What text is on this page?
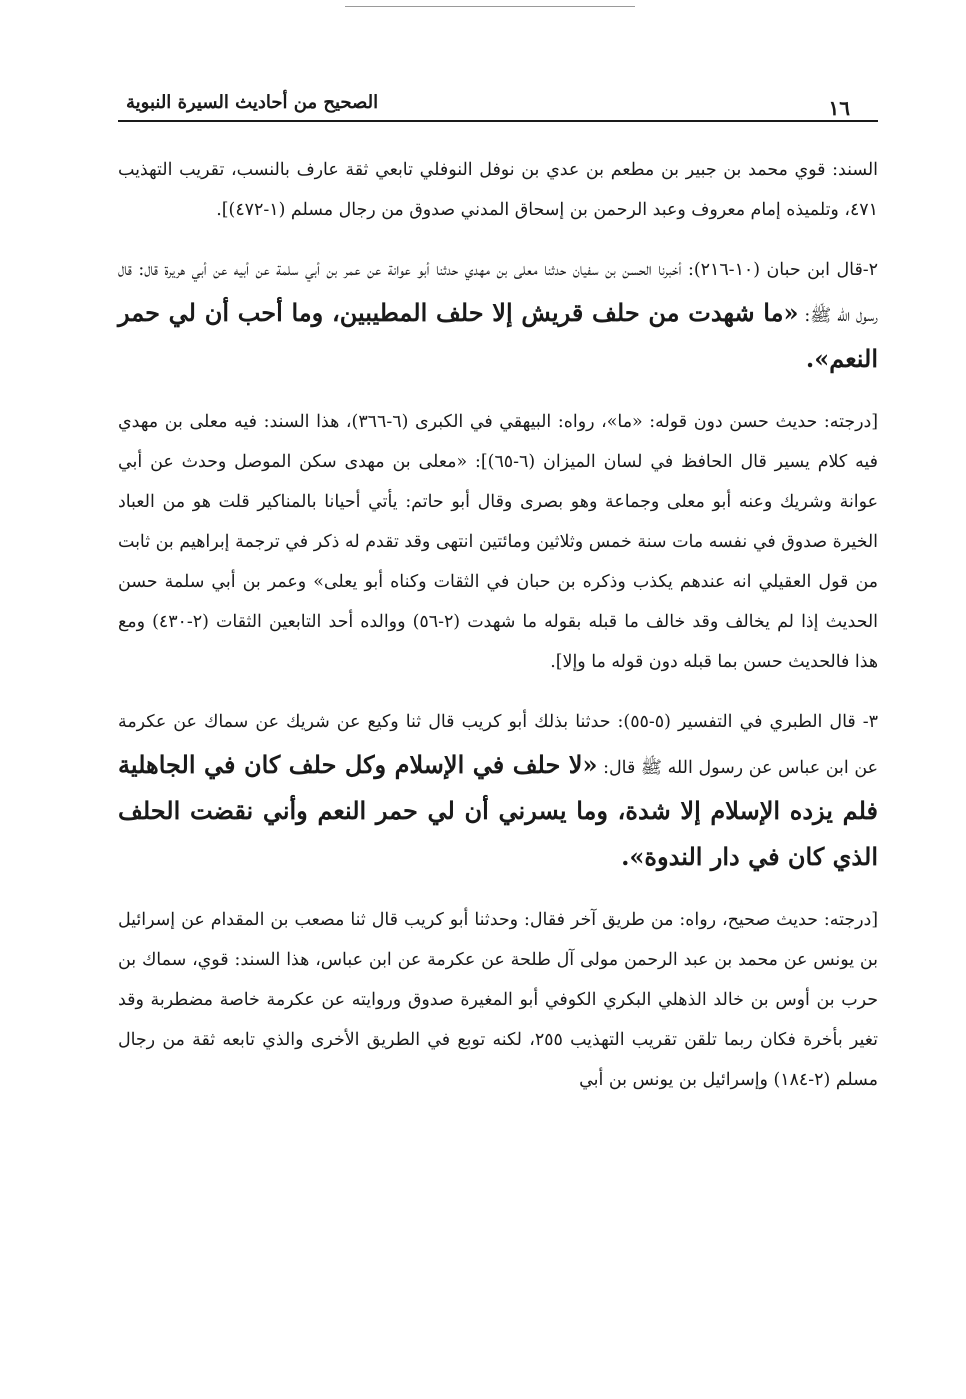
١٦
الصحيح من أحاديث السيرة النبوية

السند: قوي محمد بن جبير بن مطعم بن عدي بن نوفل النوفلي تابعي ثقة عارف بالنسب، تقريب التهذيب ٤٧١، وتلميذه إمام معروف وعبد الرحمن بن إسحاق المدني صدوق من رجال مسلم (١-٤٧٢)].

٢-قال ابن حبان (١٠-٢١٦): أخبرنا الحسن بن سفيان حدثنا معلى بن مهدي حدثنا أبو عوانة عن عمر بن أبي سلمة عن أبيه عن أبي هريرة قال: قال رسول الله ﷺ: «ما شهدت من حلف قريش إلا حلف المطيبين، وما أحب أن لي حمر النعم».

[درجته: حديث حسن دون قوله: «ما»، رواه: البيهقي في الكبرى (٦-٣٦٦)، هذا السند: فيه معلى بن مهدي فيه كلام يسير قال الحافظ في لسان الميزان (٦-٦٥)]: «معلى بن مهدى سكن الموصل وحدث عن أبي عوانة وشريك وعنه أبو معلى وجماعة وهو بصرى وقال أبو حاتم: يأتي أحيانا بالمناكير قلت هو من العباد الخيرة صدوق في نفسه مات سنة خمس وثلاثين ومائتين انتهى وقد تقدم له ذكر في ترجمة إبراهيم بن ثابت من قول العقيلي انه عندهم يكذب وذكره بن حبان في الثقات وكناه أبو يعلى» وعمر بن أبي سلمة حسن الحديث إذا لم يخالف وقد خالف ما قبله بقوله ما شهدت (٢-٥٦) ووالده أحد التابعين الثقات (٢-٤٣٠) ومع هذا فالحديث حسن بما قبله دون قوله ما وإلا].

٣- قال الطبري في التفسير (٥-٥٥): حدثنا بذلك أبو كريب قال ثنا وكيع عن شريك عن سماك عن عكرمة عن ابن عباس عن رسول الله ﷺ قال: «لا حلف في الإسلام وكل حلف كان في الجاهلية فلم يزده الإسلام إلا شدة، وما يسرني أن لي حمر النعم وأني نقضت الحلف الذي كان في دار الندوة».

[درجته: حديث صحيح، رواه: من طريق آخر فقال: وحدثنا أبو كريب قال ثنا مصعب بن المقدام عن إسرائيل بن يونس عن محمد بن عبد الرحمن مولى آل طلحة عن عكرمة عن ابن عباس، هذا السند: قوي، سماك بن حرب بن أوس بن خالد الذهلي البكري الكوفي أبو المغيرة صدوق وروايته عن عكرمة خاصة مضطربة وقد تغير بأخرة فكان ربما تلقن تقريب التهذيب ٢٥٥، لكنه توبع في الطريق الأخرى والذي تابعه ثقة من رجال مسلم (٢-١٨٤) وإسرائيل بن يونس بن أبي
